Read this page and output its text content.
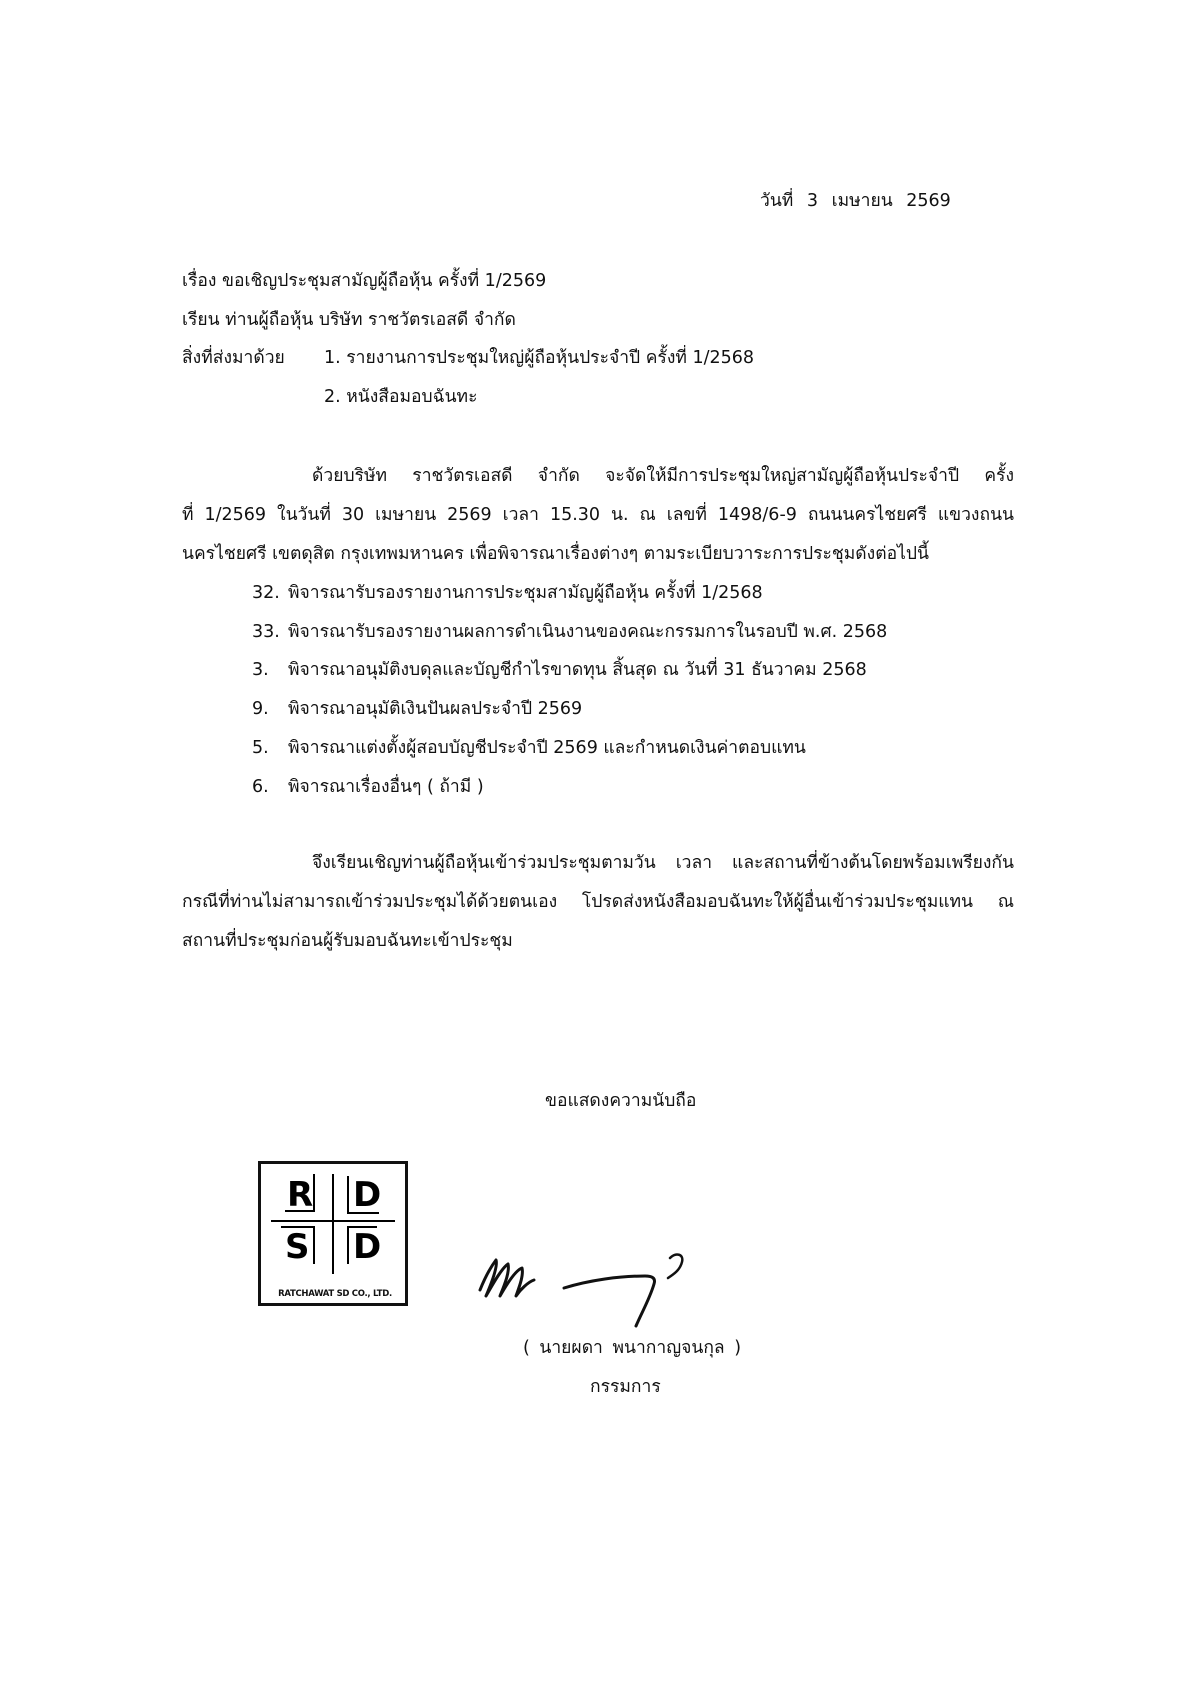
วันที่ 3 เมษายน 2569
เรื่อง ขอเชิญประชุมสามัญผู้ถือหุ้น ครั้งที่ 1/2569
เรียน ท่านผู้ถือหุ้น บริษัท ราชวัตรเอสดี จำกัด
สิ่งที่ส่งมาด้วย 1. รายงานการประชุมใหญ่ผู้ถือหุ้นประจำปี ครั้งที่ 1/2568
2. หนังสือมอบฉันทะ
ด้วยบริษัท ราชวัตรเอสดี จำกัด จะจัดให้มีการประชุมใหญ่สามัญผู้ถือหุ้นประจำปี ครั้ง
ที่ 1/2569 ในวันที่ 30 เมษายน 2569 เวลา 15.30 น. ณ เลขที่ 1498/6-9 ถนนนครไชยศรี แขวงถนน
นครไชยศรี เขตดุสิต กรุงเทพมหานคร เพื่อพิจารณาเรื่องต่างๆ ตามระเบียบวาระการประชุมดังต่อไปนี้
32. พิจารณารับรองรายงานการประชุมสามัญผู้ถือหุ้น ครั้งที่ 1/2568
33. พิจารณารับรองรายงานผลการดำเนินงานของคณะกรรมการในรอบปี พ.ศ. 2568
3. พิจารณาอนุมัติงบดุลและบัญชีกำไรขาดทุน สิ้นสุด ณ วันที่ 31 ธันวาคม 2568
9. พิจารณาอนุมัติเงินปันผลประจำปี 2569
5. พิจารณาแต่งตั้งผู้สอบบัญชีประจำปี 2569 และกำหนดเงินค่าตอบแทน
6. พิจารณาเรื่องอื่นๆ ( ถ้ามี )
จึงเรียนเชิญท่านผู้ถือหุ้นเข้าร่วมประชุมตามวัน เวลา และสถานที่ข้างต้นโดยพร้อมเพรียงกัน
กรณีที่ท่านไม่สามารถเข้าร่วมประชุมได้ด้วยตนเอง โปรดส่งหนังสือมอบฉันทะให้ผู้อื่นเข้าร่วมประชุมแทน ณ
สถานที่ประชุมก่อนผู้รับมอบฉันทะเข้าประชุม
ขอแสดงความนับถือ
R D
S D
RATCHAWAT SD CO., LTD.
( นายผดา พนากาญจนกุล )
กรรมการ
